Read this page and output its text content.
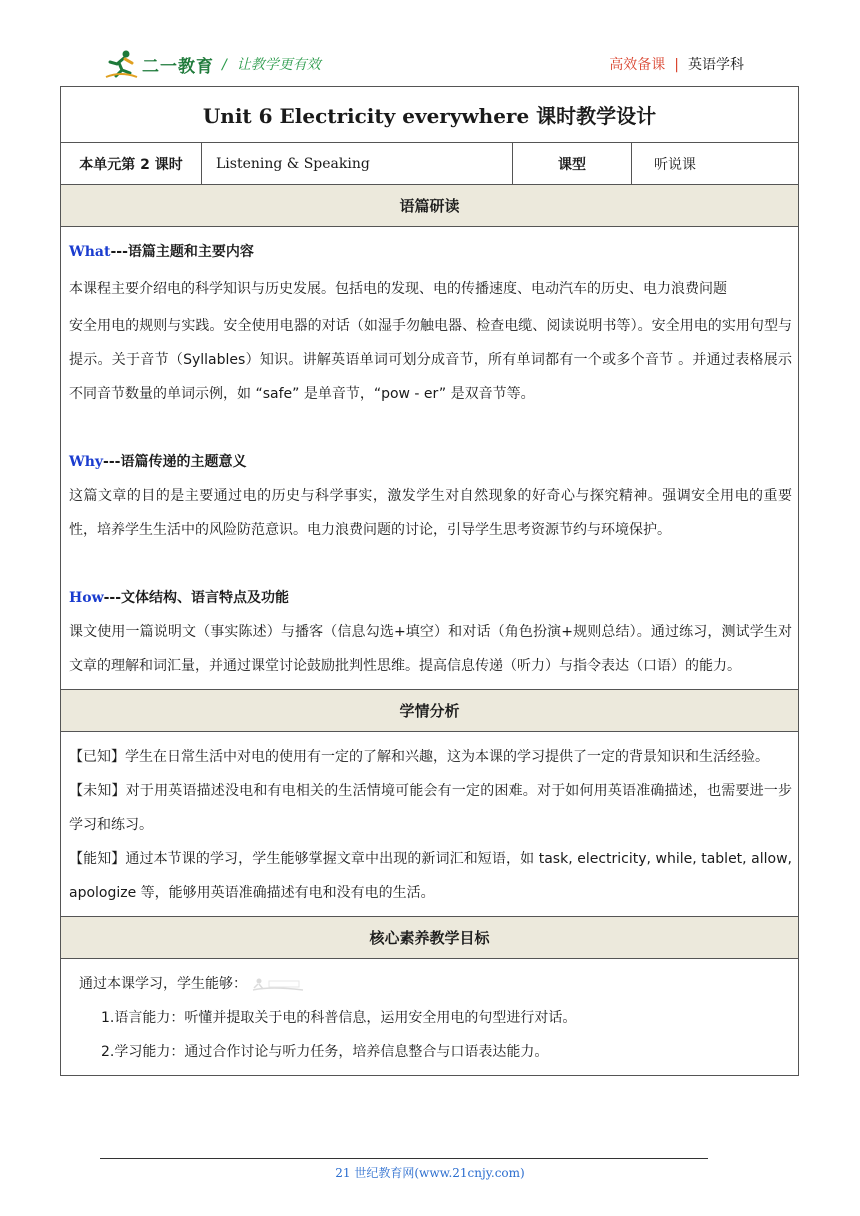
二一教育 / 让教学更有效	高效备课 | 英语学科
Unit 6 Electricity everywhere 课时教学设计
本单元第 2 课时	Listening & Speaking	课型	听说课
语篇研读

What---语篇主题和主要内容

本课程主要介绍电的科学知识与历史发展。包括电的发现、电的传播速度、电动汽车的历史、电力浪费问题

安全用电的规则与实践。安全使用电器的对话（如湿手勿触电器、检查电缆、阅读说明书等）。安全用电的实用句型与提示。关于音节（Syllables）知识。讲解英语单词可划分成音节，所有单词都有一个或多个音节 。并通过表格展示不同音节数量的单词示例，如 “safe” 是单音节，“pow - er” 是双音节等。

Why---语篇传递的主题意义

这篇文章的目的是主要通过电的历史与科学事实，激发学生对自然现象的好奇心与探究精神。强调安全用电的重要性，培养学生生活中的风险防范意识。电力浪费问题的讨论，引导学生思考资源节约与环境保护。

How---文体结构、语言特点及功能

课文使用一篇说明文（事实陈述）与播客（信息勾选+填空）和对话（角色扮演+规则总结）。通过练习，测试学生对文章的理解和词汇量，并通过课堂讨论鼓励批判性思维。提高信息传递（听力）与指令表达（口语）的能力。

学情分析

【已知】学生在日常生活中对电的使用有一定的了解和兴趣，这为本课的学习提供了一定的背景知识和生活经验。

【未知】对于用英语描述没电和有电相关的生活情境可能会有一定的困难。对于如何用英语准确描述，也需要进一步学习和练习。

【能知】通过本节课的学习，学生能够掌握文章中出现的新词汇和短语，如 task, electricity, while, tablet, allow, apologize 等，能够用英语准确描述有电和没有电的生活。

核心素养教学目标

通过本课学习，学生能够：

1.语言能力：听懂并提取关于电的科普信息，运用安全用电的句型进行对话。

2.学习能力：通过合作讨论与听力任务，培养信息整合与口语表达能力。

21 世纪教育网(www.21cnjy.com)
